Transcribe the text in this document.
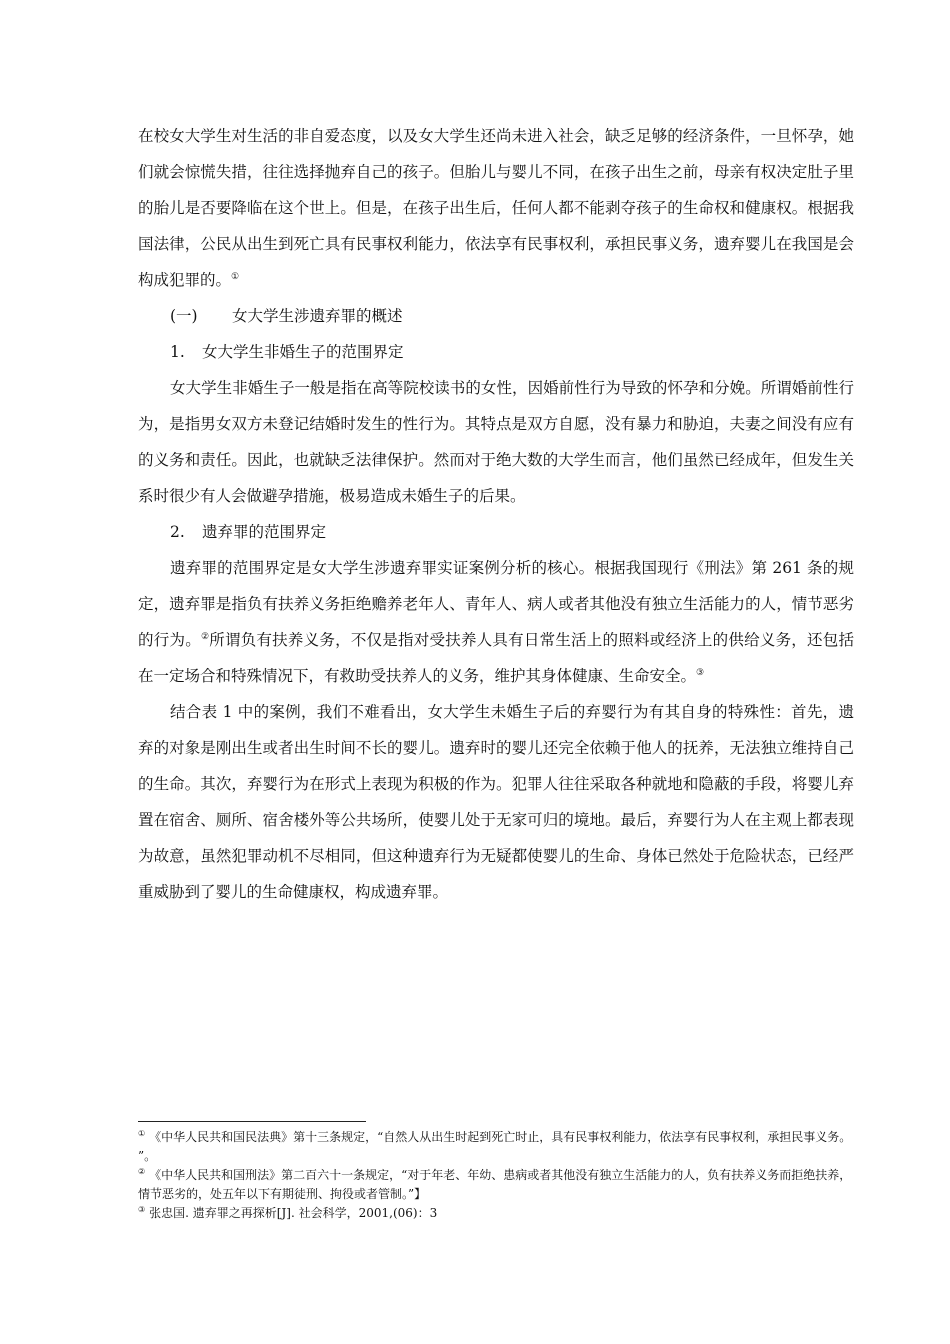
在校女大学生对生活的非自爱态度，以及女大学生还尚未进入社会，缺乏足够的经济条件，一旦怀孕，她们就会惊慌失措，往往选择抛弃自己的孩子。但胎儿与婴儿不同，在孩子出生之前，母亲有权决定肚子里的胎儿是否要降临在这个世上。但是，在孩子出生后，任何人都不能剥夺孩子的生命权和健康权。根据我国法律，公民从出生到死亡具有民事权利能力，依法享有民事权利，承担民事义务，遗弃婴儿在我国是会构成犯罪的。①

(一) 女大学生涉遗弃罪的概述

1. 女大学生非婚生子的范围界定

女大学生非婚生子一般是指在高等院校读书的女性，因婚前性行为导致的怀孕和分娩。所谓婚前性行为，是指男女双方未登记结婚时发生的性行为。其特点是双方自愿，没有暴力和胁迫，夫妻之间没有应有的义务和责任。因此，也就缺乏法律保护。然而对于绝大数的大学生而言，他们虽然已经成年，但发生关系时很少有人会做避孕措施，极易造成未婚生子的后果。

2. 遗弃罪的范围界定

遗弃罪的范围界定是女大学生涉遗弃罪实证案例分析的核心。根据我国现行《刑法》第 261 条的规定，遗弃罪是指负有扶养义务拒绝赡养老年人、青年人、病人或者其他没有独立生活能力的人，情节恶劣的行为。②所谓负有扶养义务，不仅是指对受扶养人具有日常生活上的照料或经济上的供给义务，还包括在一定场合和特殊情况下，有救助受扶养人的义务，维护其身体健康、生命安全。③

结合表 1 中的案例，我们不难看出，女大学生未婚生子后的弃婴行为有其自身的特殊性：首先，遗弃的对象是刚出生或者出生时间不长的婴儿。遗弃时的婴儿还完全依赖于他人的抚养，无法独立维持自己的生命。其次，弃婴行为在形式上表现为积极的作为。犯罪人往往采取各种就地和隐蔽的手段，将婴儿弃置在宿舍、厕所、宿舍楼外等公共场所，使婴儿处于无家可归的境地。最后，弃婴行为人在主观上都表现为故意，虽然犯罪动机不尽相同，但这种遗弃行为无疑都使婴儿的生命、身体已然处于危险状态，已经严重威胁到了婴儿的生命健康权，构成遗弃罪。

① 《中华人民共和国民法典》第十三条规定，“自然人从出生时起到死亡时止，具有民事权利能力，依法享有民事权利，承担民事义务。 ”。

② 《中华人民共和国刑法》第二百六十一条规定，“对于年老、年幼、患病或者其他没有独立生活能力的人，负有扶养义务而拒绝扶养，情节恶劣的，处五年以下有期徒刑、拘役或者管制。”】

③ 张忠国. 遗弃罪之再探析[J]. 社会科学，2001,(06)：3
